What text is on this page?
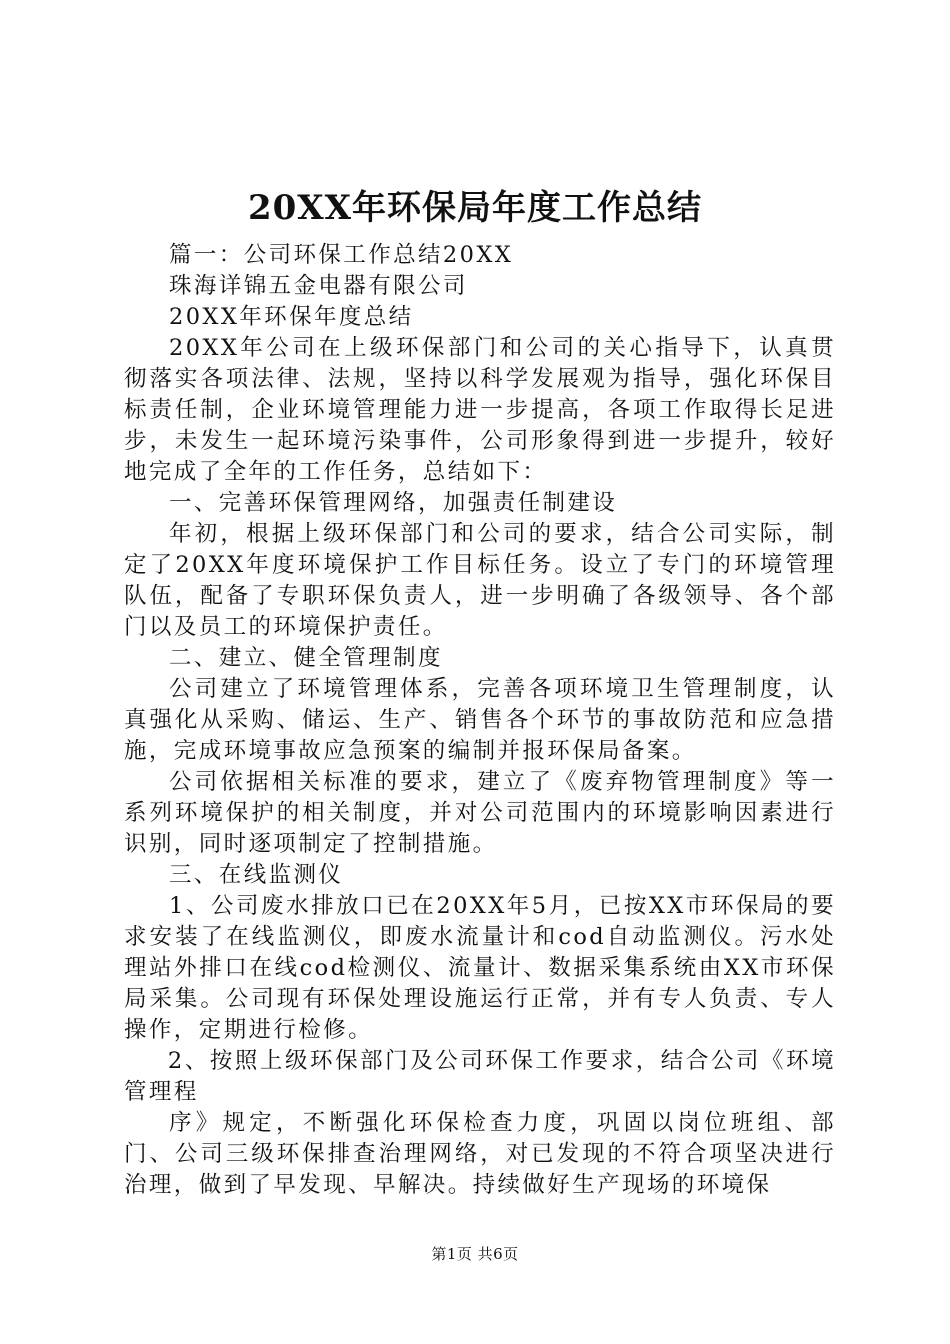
20XX年环保局年度工作总结

篇一：公司环保工作总结20XX

珠海详锦五金电器有限公司

20XX年环保年度总结

20XX年公司在上级环保部门和公司的关心指导下，认真贯彻落实各项法律、法规，坚持以科学发展观为指导，强化环保目标责任制，企业环境管理能力进一步提高，各项工作取得长足进步，未发生一起环境污染事件，公司形象得到进一步提升，较好地完成了全年的工作任务，总结如下：

一、完善环保管理网络，加强责任制建设

年初，根据上级环保部门和公司的要求，结合公司实际，制定了20XX年度环境保护工作目标任务。设立了专门的环境管理队伍，配备了专职环保负责人，进一步明确了各级领导、各个部门以及员工的环境保护责任。

二、建立、健全管理制度

公司建立了环境管理体系，完善各项环境卫生管理制度，认真强化从采购、储运、生产、销售各个环节的事故防范和应急措施，完成环境事故应急预案的编制并报环保局备案。

公司依据相关标准的要求，建立了《废弃物管理制度》等一系列环境保护的相关制度，并对公司范围内的环境影响因素进行识别，同时逐项制定了控制措施。

三、在线监测仪

1、公司废水排放口已在20XX年5月，已按XX市环保局的要求安装了在线监测仪，即废水流量计和cod自动监测仪。污水处理站外排口在线cod检测仪、流量计、数据采集系统由XX市环保局采集。公司现有环保处理设施运行正常，并有专人负责、专人操作，定期进行检修。

2、按照上级环保部门及公司环保工作要求，结合公司《环境管理程

序》规定，不断强化环保检查力度，巩固以岗位班组、部门、公司三级环保排查治理网络，对已发现的不符合项坚决进行治理，做到了早发现、早解决。持续做好生产现场的环境保

第1页 共6页
